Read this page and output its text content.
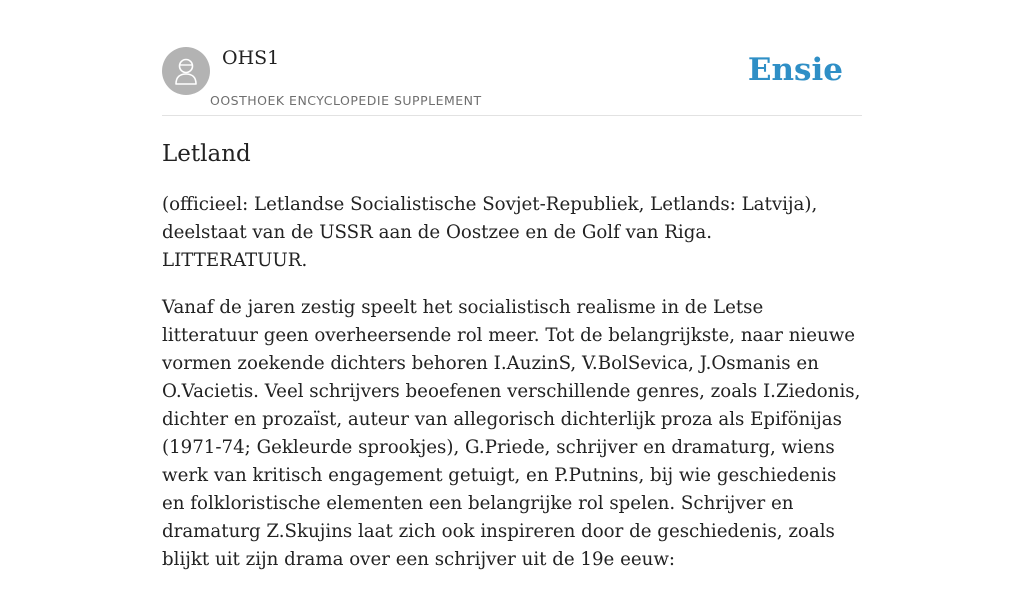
OHS1
OOSTHOEK ENCYCLOPEDIE SUPPLEMENT
Ensie
Letland

(officieel: Letlandse Socialistische Sovjet-Republiek, Letlands: Latvija), deelstaat van de USSR aan de Oostzee en de Golf van Riga. LITTERATUUR.

Vanaf de jaren zestig speelt het socialistisch realisme in de Letse litteratuur geen overheersende rol meer. Tot de belangrijkste, naar nieuwe vormen zoekende dichters behoren I.AuzinS, V.BolSevica, J.Osmanis en O.Vacietis. Veel schrijvers beoefenen verschillende genres, zoals I.Ziedonis, dichter en prozaïst, auteur van allegorisch dichterlijk proza als Epifönijas (1971-74; Gekleurde sprookjes), G.Priede, schrijver en dramaturg, wiens werk van kritisch engagement getuigt, en P.Putnins, bij wie geschiedenis en folkloristische elementen een belangrijke rol spelen. Schrijver en dramaturg Z.Skujins laat zich ook inspireren door de geschiedenis, zoals blijkt uit zijn drama over een schrijver uit de 19e eeuw:
